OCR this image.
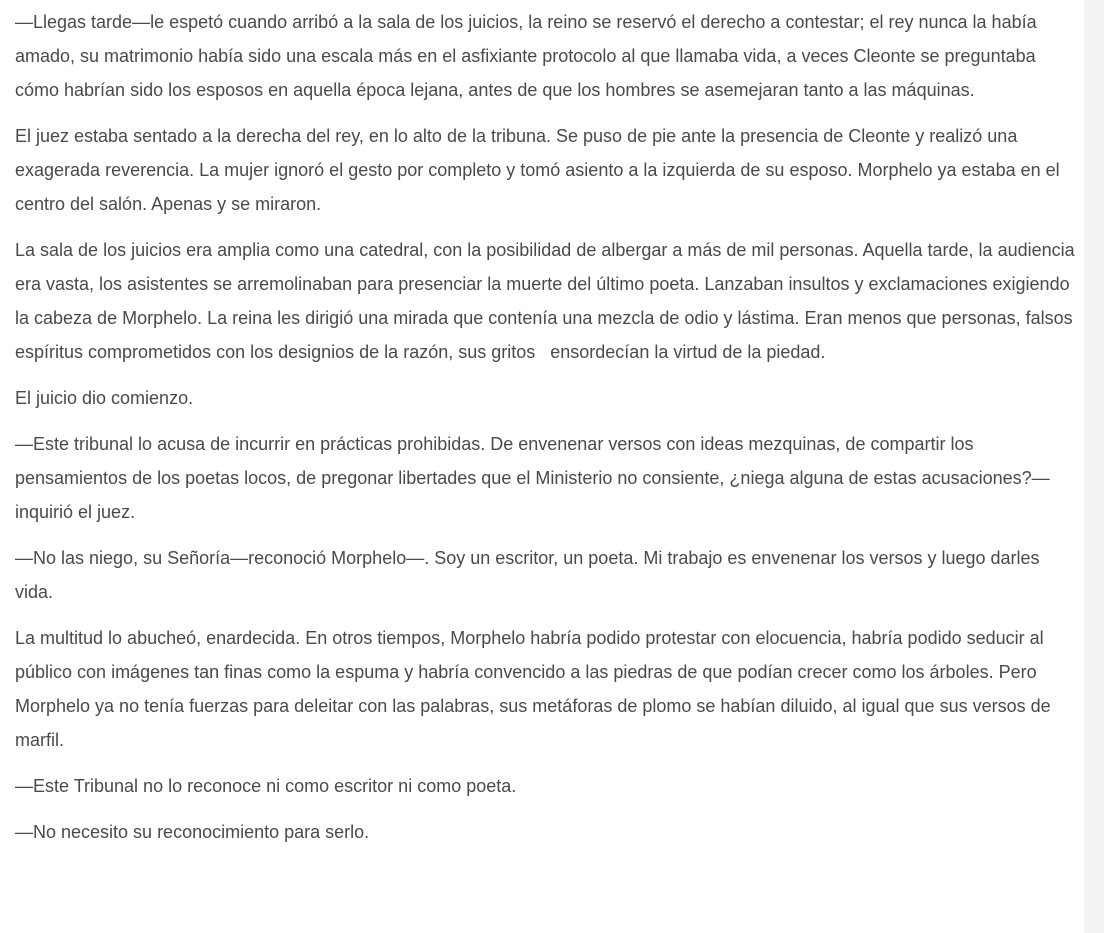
—Llegas tarde—le espetó cuando arribó a la sala de los juicios, la reino se reservó el derecho a contestar; el rey nunca la había amado, su matrimonio había sido una escala más en el asfixiante protocolo al que llamaba vida, a veces Cleonte se preguntaba cómo habrían sido los esposos en aquella época lejana, antes de que los hombres se asemejaran tanto a las máquinas.

El juez estaba sentado a la derecha del rey, en lo alto de la tribuna. Se puso de pie ante la presencia de Cleonte y realizó una exagerada reverencia. La mujer ignoró el gesto por completo y tomó asiento a la izquierda de su esposo. Morphelo ya estaba en el centro del salón. Apenas y se miraron.

La sala de los juicios era amplia como una catedral, con la posibilidad de albergar a más de mil personas. Aquella tarde, la audiencia era vasta, los asistentes se arremolinaban para presenciar la muerte del último poeta. Lanzaban insultos y exclamaciones exigiendo la cabeza de Morphelo. La reina les dirigió una mirada que contenía una mezcla de odio y lástima. Eran menos que personas, falsos espíritus comprometidos con los designios de la razón, sus gritos   ensordecían la virtud de la piedad.

El juicio dio comienzo.

—Este tribunal lo acusa de incurrir en prácticas prohibidas. De envenenar versos con ideas mezquinas, de compartir los pensamientos de los poetas locos, de pregonar libertades que el Ministerio no consiente, ¿niega alguna de estas acusaciones?—inquirió el juez.

—No las niego, su Señoría—reconoció Morphelo—. Soy un escritor, un poeta. Mi trabajo es envenenar los versos y luego darles vida.

La multitud lo abucheó, enardecida. En otros tiempos, Morphelo habría podido protestar con elocuencia, habría podido seducir al público con imágenes tan finas como la espuma y habría convencido a las piedras de que podían crecer como los árboles. Pero Morphelo ya no tenía fuerzas para deleitar con las palabras, sus metáforas de plomo se habían diluido, al igual que sus versos de marfil.

—Este Tribunal no lo reconoce ni como escritor ni como poeta.

—No necesito su reconocimiento para serlo.
